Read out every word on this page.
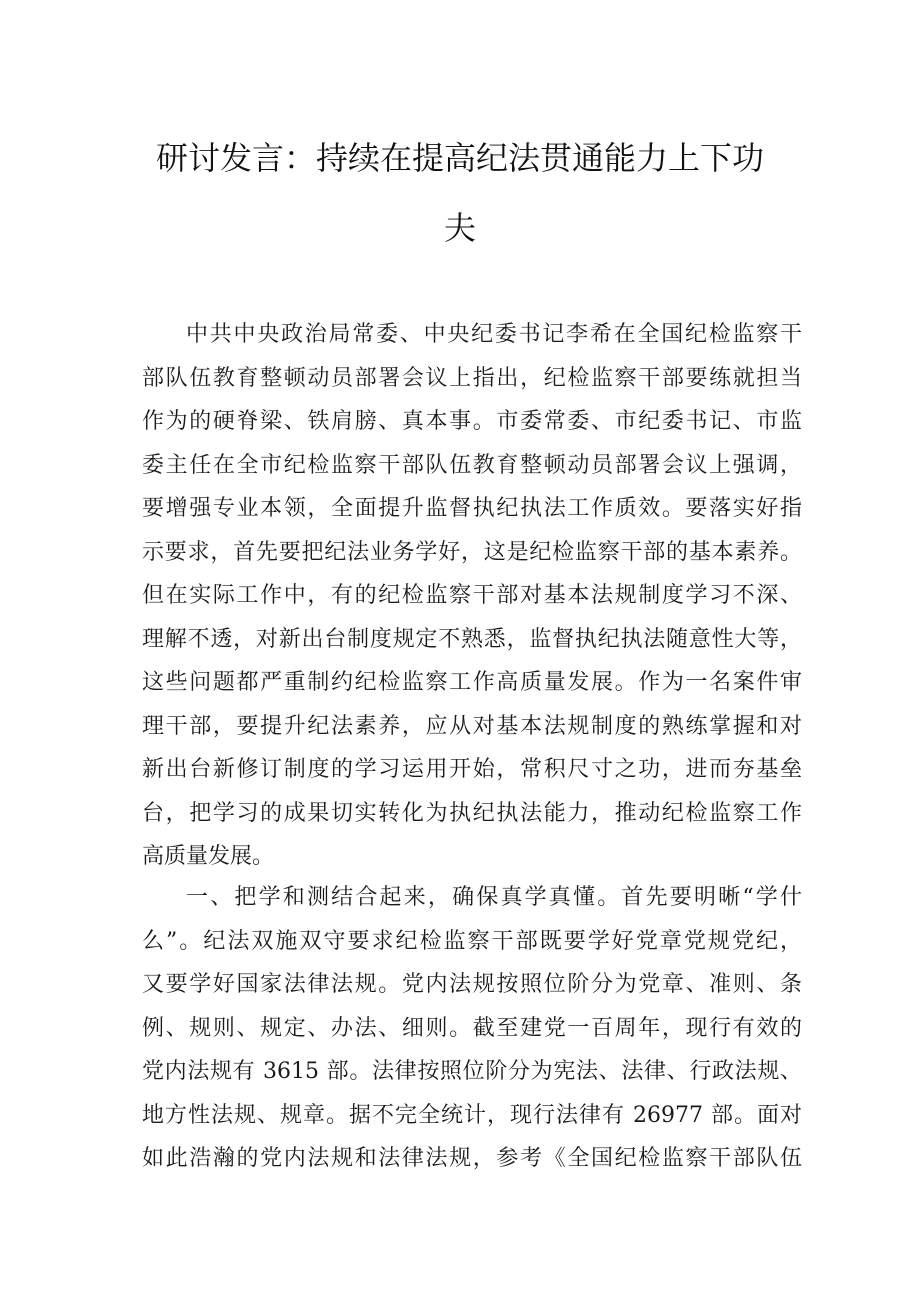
研讨发言：持续在提高纪法贯通能力上下功
夫
中共中央政治局常委、中央纪委书记李希在全国纪检监察干
部队伍教育整顿动员部署会议上指出，纪检监察干部要练就担当
作为的硬脊梁、铁肩膀、真本事。市委常委、市纪委书记、市监
委主任在全市纪检监察干部队伍教育整顿动员部署会议上强调，
要增强专业本领，全面提升监督执纪执法工作质效。要落实好指
示要求，首先要把纪法业务学好，这是纪检监察干部的基本素养。
但在实际工作中，有的纪检监察干部对基本法规制度学习不深、
理解不透，对新出台制度规定不熟悉，监督执纪执法随意性大等，
这些问题都严重制约纪检监察工作高质量发展。作为一名案件审
理干部，要提升纪法素养，应从对基本法规制度的熟练掌握和对
新出台新修订制度的学习运用开始，常积尺寸之功，进而夯基垒
台，把学习的成果切实转化为执纪执法能力，推动纪检监察工作
高质量发展。
一、把学和测结合起来，确保真学真懂。首先要明晰“学什
么”。纪法双施双守要求纪检监察干部既要学好党章党规党纪，
又要学好国家法律法规。党内法规按照位阶分为党章、准则、条
例、规则、规定、办法、细则。截至建党一百周年，现行有效的
党内法规有 3615 部。法律按照位阶分为宪法、法律、行政法规、
地方性法规、规章。据不完全统计，现行法律有 26977 部。面对
如此浩瀚的党内法规和法律法规，参考《全国纪检监察干部队伍
